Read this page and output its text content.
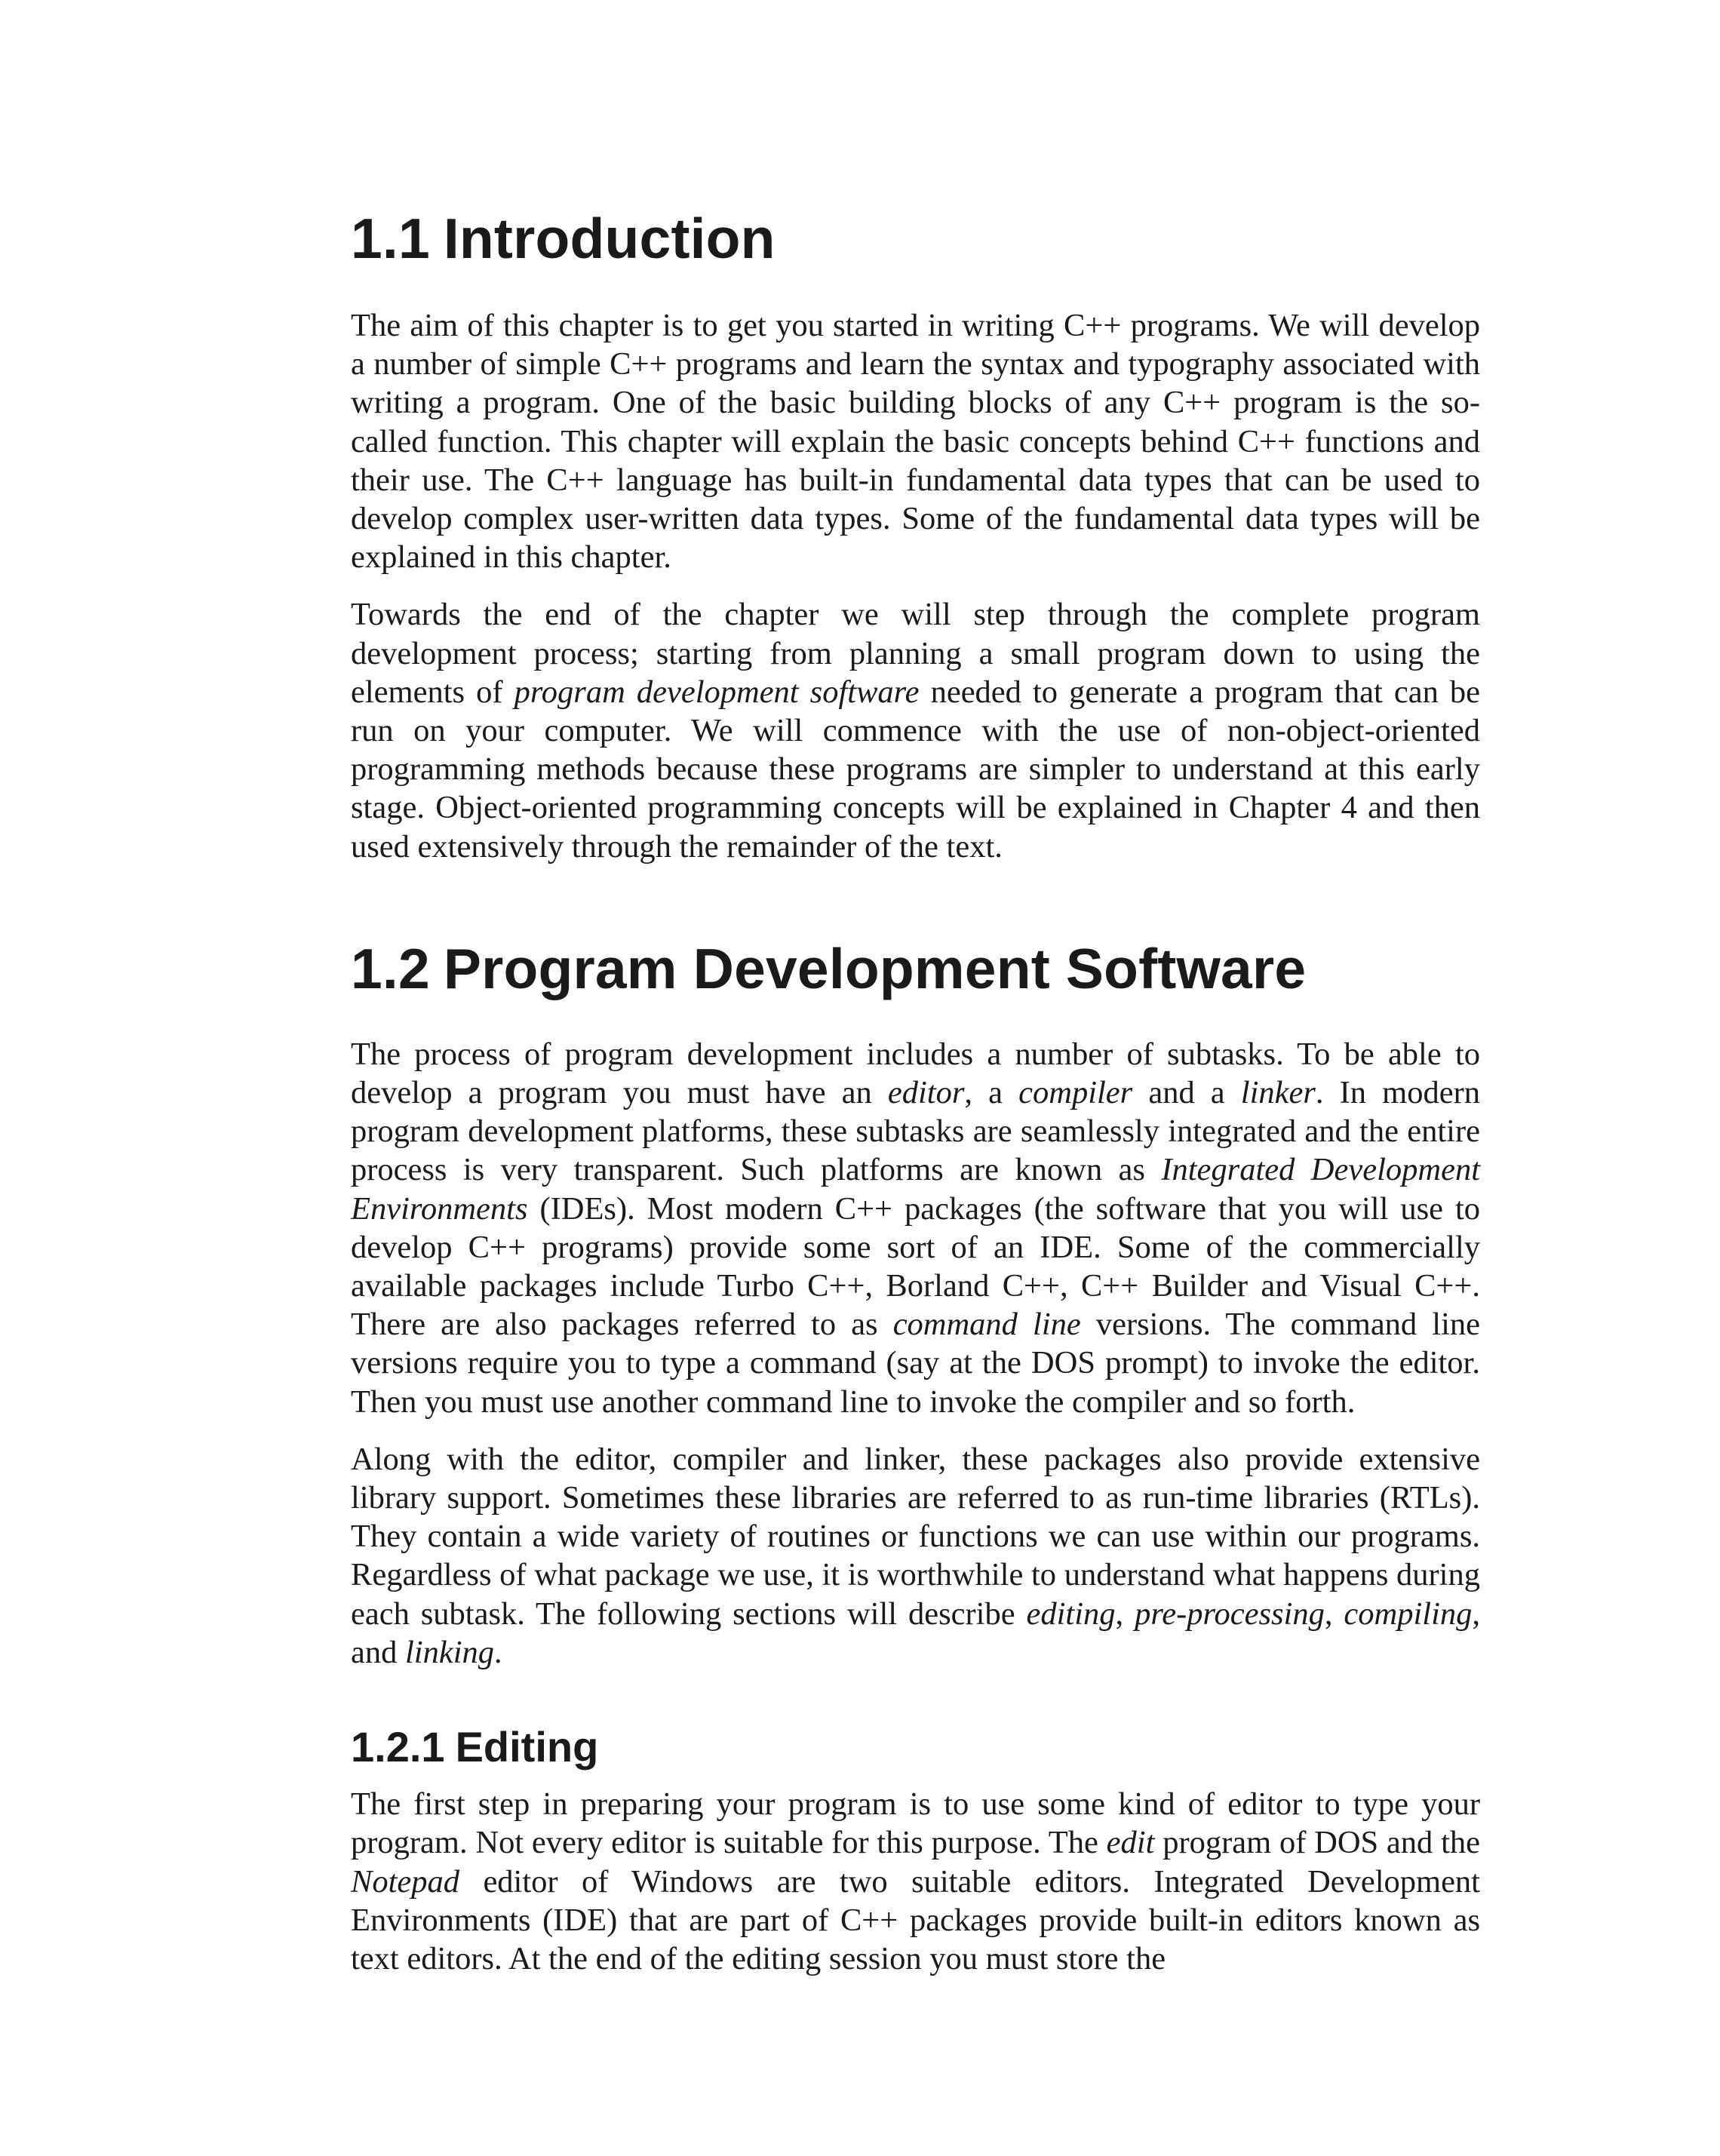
1.1 Introduction

The aim of this chapter is to get you started in writing C++ programs. We will develop a number of simple C++ programs and learn the syntax and typography associated with writing a program. One of the basic building blocks of any C++ program is the so-called function. This chapter will explain the basic concepts behind C++ functions and their use. The C++ language has built-in fundamental data types that can be used to develop complex user-written data types. Some of the fundamental data types will be explained in this chapter.

Towards the end of the chapter we will step through the complete program development process; starting from planning a small program down to using the elements of program development software needed to generate a program that can be run on your computer. We will commence with the use of non-object-oriented programming methods because these programs are simpler to understand at this early stage. Object-oriented programming concepts will be explained in Chapter 4 and then used extensively through the remainder of the text.

1.2 Program Development Software

The process of program development includes a number of subtasks. To be able to develop a program you must have an editor, a compiler and a linker. In modern program development platforms, these subtasks are seamlessly integrated and the entire process is very transparent. Such platforms are known as Integrated Development Environments (IDEs). Most modern C++ packages (the software that you will use to develop C++ programs) provide some sort of an IDE. Some of the commercially available packages include Turbo C++, Borland C++, C++ Builder and Visual C++. There are also packages referred to as command line versions. The command line versions require you to type a command (say at the DOS prompt) to invoke the editor. Then you must use another command line to invoke the compiler and so forth.

Along with the editor, compiler and linker, these packages also provide extensive library support. Sometimes these libraries are referred to as run-time libraries (RTLs). They contain a wide variety of routines or functions we can use within our programs. Regardless of what package we use, it is worthwhile to understand what happens during each subtask. The following sections will describe editing, pre-processing, compiling, and linking.

1.2.1 Editing

The first step in preparing your program is to use some kind of editor to type your program. Not every editor is suitable for this purpose. The edit program of DOS and the Notepad editor of Windows are two suitable editors. Integrated Development Environments (IDE) that are part of C++ packages provide built-in editors known as text editors. At the end of the editing session you must store the
